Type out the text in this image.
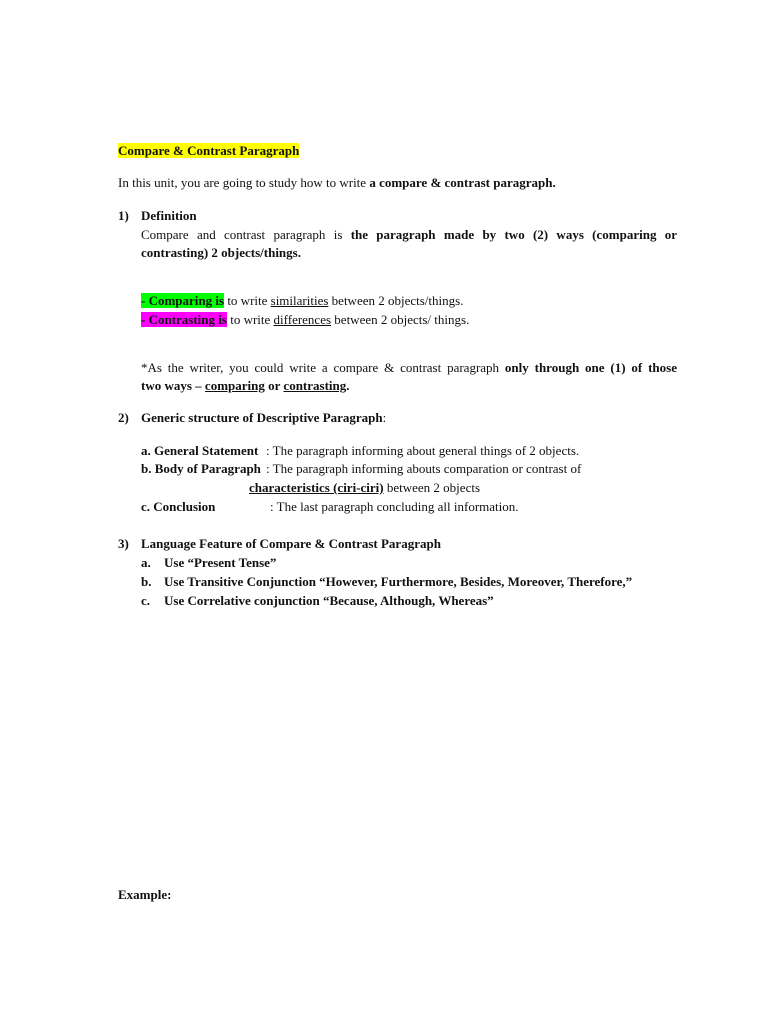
Compare & Contrast Paragraph
In this unit, you are going to study how to write a compare & contrast paragraph.
1) Definition
Compare and contrast paragraph is the paragraph made by two (2) ways (comparing or
contrasting) 2 objects/things.
- Comparing is to write similarities between 2 objects/things.
- Contrasting is to write differences between 2 objects/ things.
*As the writer, you could write a compare & contrast paragraph only through one (1) of those
two ways – comparing or contrasting.
2) Generic structure of Descriptive Paragraph:
a. General Statement : The paragraph informing about general things of 2 objects.
b. Body of Paragraph : The paragraph informing abouts comparation or contrast of
characteristics (ciri-ciri) between 2 objects
c. Conclusion	: The last paragraph concluding all information.
3) Language Feature of Compare & Contrast Paragraph
a. Use “Present Tense”
b. Use Transitive Conjunction “However, Furthermore, Besides, Moreover, Therefore,”
c. Use Correlative conjunction “Because, Although, Whereas”
Example:
